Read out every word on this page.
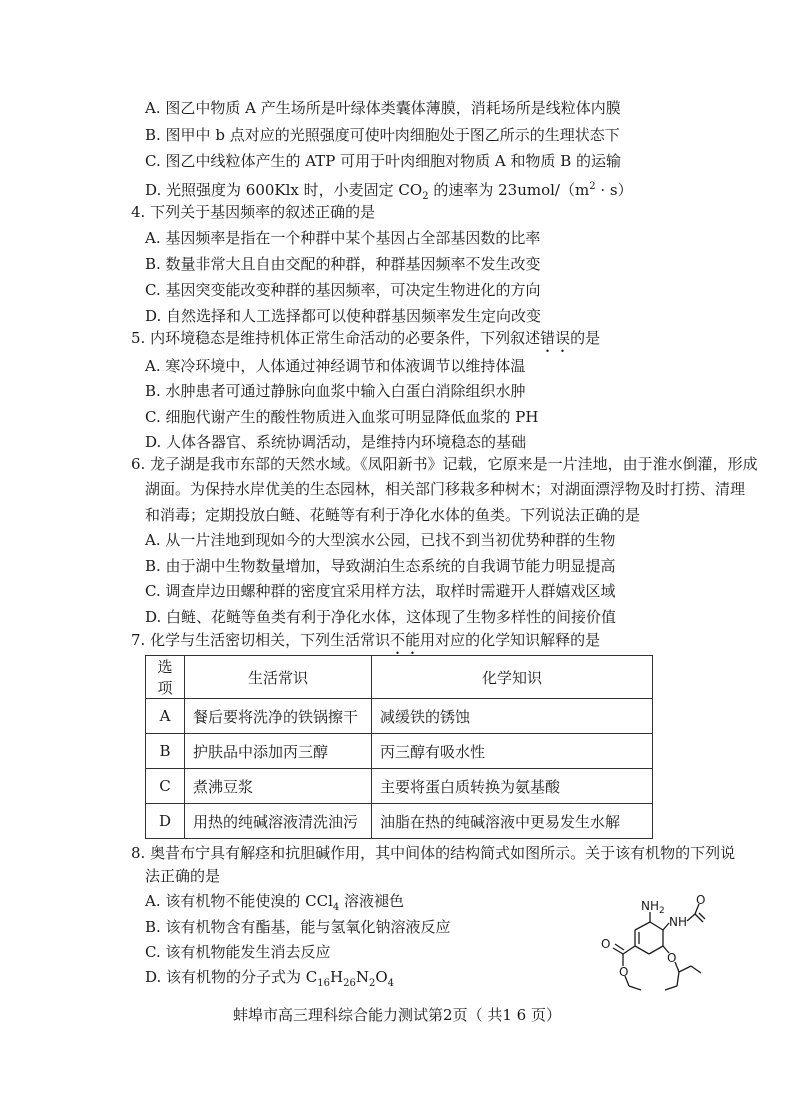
A. 图乙中物质 A 产生场所是叶绿体类囊体薄膜，消耗场所是线粒体内膜
B. 图甲中 b 点对应的光照强度可使叶肉细胞处于图乙所示的生理状态下
C. 图乙中线粒体产生的 ATP 可用于叶肉细胞对物质 A 和物质 B 的运输
D. 光照强度为 600Klx 时，小麦固定 $CO_2$ 的速率为 $23umol/(m^2 \cdot s)$
4. 下列关于基因频率的叙述正确的是
A. 基因频率是指在一个种群中某个基因占全部基因数的比率
B. 数量非常大且自由交配的种群，种群基因频率不发生改变
C. 基因突变能改变种群的基因频率，可决定生物进化的方向
D. 自然选择和人工选择都可以使种群基因频率发生定向改变
5. 内环境稳态是维持机体正常生命活动的必要条件，下列叙述错误的是
A. 寒冷环境中，人体通过神经调节和体液调节以维持体温
B. 水肿患者可通过静脉向血浆中输入白蛋白消除组织水肿
C. 细胞代谢产生的酸性物质进入血浆可明显降低血浆的 PH
D. 人体各器官、系统协调活动，是维持内环境稳态的基础
6. 龙子湖是我市东部的天然水域。《凤阳新书》记载，它原来是一片洼地，由于淮水倒灌，形成
湖面。为保持水岸优美的生态园林，相关部门移栽多种树木；对湖面漂浮物及时打捞、清理
和消毒；定期投放白鲢、花鲢等有利于净化水体的鱼类。下列说法正确的是
A. 从一片洼地到现如今的大型滨水公园，已找不到当初优势种群的生物
B. 由于湖中生物数量增加，导致湖泊生态系统的自我调节能力明显提高
C. 调查岸边田螺种群的密度宜采用样方法，取样时需避开人群嬉戏区域
D. 白鲢、花鲢等鱼类有利于净化水体，这体现了生物多样性的间接价值
7. 化学与生活密切相关，下列生活常识不能用对应的化学知识解释的是
选项	生活常识	化学知识
A	餐后要将洗净的铁锅擦干	减缓铁的锈蚀
B	护肤品中添加丙三醇	丙三醇有吸水性
C	煮沸豆浆	主要将蛋白质转换为氨基酸
D	用热的纯碱溶液清洗油污	油脂在热的纯碱溶液中更易发生水解
8. 奥昔布宁具有解痉和抗胆碱作用，其中间体的结构简式如图所示。关于该有机物的下列说
法正确的是
A. 该有机物不能使溴的 CCl$_4$ 溶液褪色
B. 该有机物含有酯基，能与氢氧化钠溶液反应
C. 该有机物能发生消去反应
D. 该有机物的分子式为 $C_{16}H_{26}N_2O_4$
$NH_2$
NH
O
O
O
O
蚌埠市高三理科综合能力测试第2页（ 共1 6 页）
